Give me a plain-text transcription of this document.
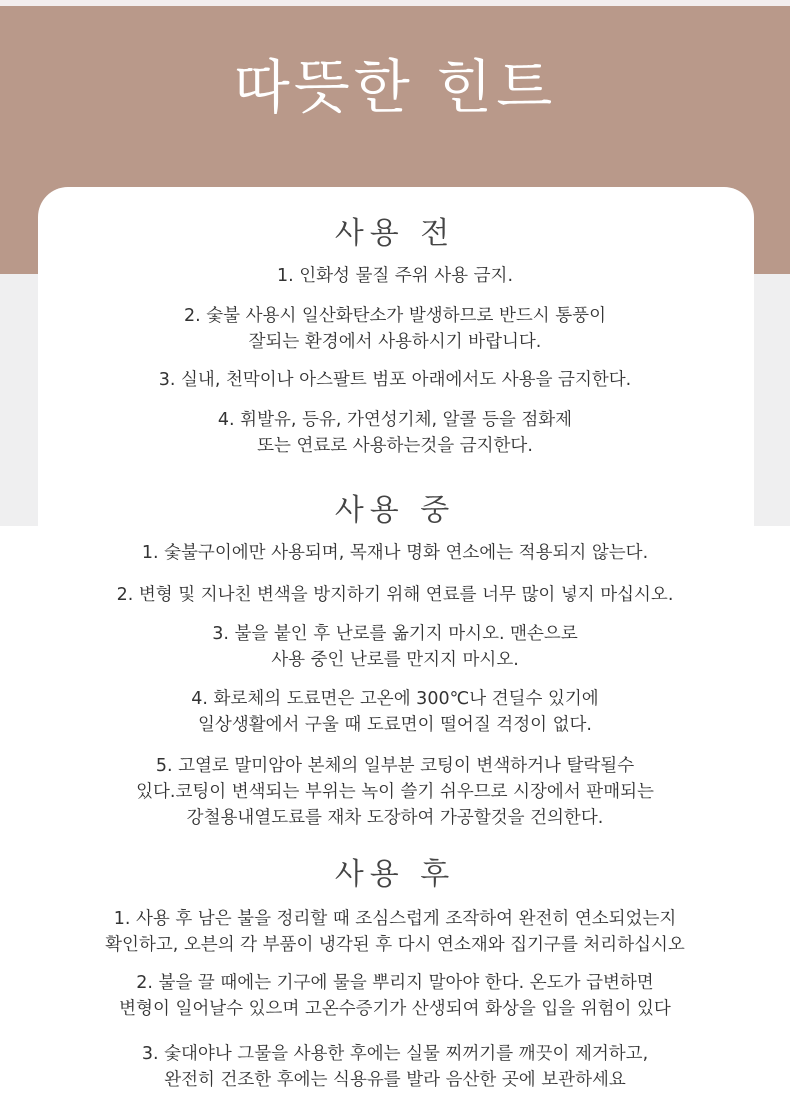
따뜻한 힌트
사용 전
1. 인화성 물질 주위 사용 금지.
2. 숯불 사용시 일산화탄소가 발생하므로 반드시 통풍이
잘되는 환경에서 사용하시기 바랍니다.
3. 실내, 천막이나 아스팔트 범포 아래에서도 사용을 금지한다.
4. 휘발유, 등유, 가연성기체, 알콜 등을 점화제
또는 연료로 사용하는것을 금지한다.
사용 중
1. 숯불구이에만 사용되며, 목재나 명화 연소에는 적용되지 않는다.
2. 변형 및 지나친 변색을 방지하기 위해 연료를 너무 많이 넣지 마십시오.
3. 불을 붙인 후 난로를 옮기지 마시오. 맨손으로
사용 중인 난로를 만지지 마시오.
4. 화로체의 도료면은 고온에 300℃나 견딜수 있기에
일상생활에서 구울 때 도료면이 떨어질 걱정이 없다.
5. 고열로 말미암아 본체의 일부분 코팅이 변색하거나 탈락될수
있다.코팅이 변색되는 부위는 녹이 쓸기 쉬우므로 시장에서 판매되는
강철용내열도료를 재차 도장하여 가공할것을 건의한다.
사용 후
1. 사용 후 남은 불을 정리할 때 조심스럽게 조작하여 완전히 연소되었는지
확인하고, 오븐의 각 부품이 냉각된 후 다시 연소재와 집기구를 처리하십시오
2. 불을 끌 때에는 기구에 물을 뿌리지 말아야 한다. 온도가 급변하면
변형이 일어날수 있으며 고온수증기가 산생되여 화상을 입을 위험이 있다
3. 숯대야나 그물을 사용한 후에는 실물 찌꺼기를 깨끗이 제거하고,
완전히 건조한 후에는 식용유를 발라 음산한 곳에 보관하세요
